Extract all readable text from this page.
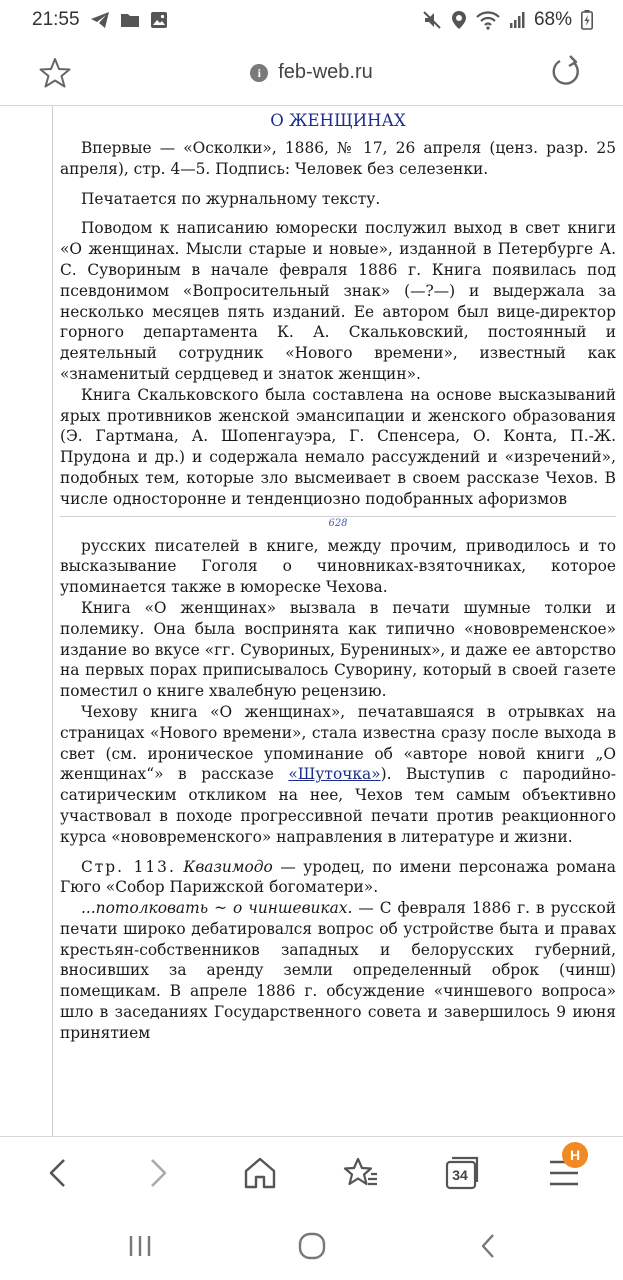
21:55	68%
i feb-web.ru
О ЖЕНЩИНАХ

Впервые — «Осколки», 1886, № 17, 26 апреля (ценз. разр. 25 апреля), стр. 4—5. Подпись: Человек без селезенки.

Печатается по журнальному тексту.

Поводом к написанию юморески послужил выход в свет книги «О женщинах. Мысли старые и новые», изданной в Петербурге А. С. Сувориным в начале февраля 1886 г. Книга появилась под псевдонимом «Вопросительный знак» (—?—) и выдержала за несколько месяцев пять изданий. Ее автором был вице-директор горного департамента К. А. Скальковский, постоянный и деятельный сотрудник «Нового времени», известный как «знаменитый сердцевед и знаток женщин».

Книга Скальковского была составлена на основе высказываний ярых противников женской эмансипации и женского образования (Э. Гартмана, А. Шопенгауэра, Г. Спенсера, О. Конта, П.-Ж. Прудона и др.) и содержала немало рассуждений и «изречений», подобных тем, которые зло высмеивает в своем рассказе Чехов. В числе односторонне и тенденциозно подобранных афоризмов

628

русских писателей в книге, между прочим, приводилось и то высказывание Гоголя о чиновниках-взяточниках, которое упоминается также в юмореске Чехова.

Книга «О женщинах» вызвала в печати шумные толки и полемику. Она была воспринята как типично «нововременское» издание во вкусе «гг. Сувориных, Бурениных», и даже ее авторство на первых порах приписывалось Суворину, который в своей газете поместил о книге хвалебную рецензию.

Чехову книга «О женщинах», печатавшаяся в отрывках на страницах «Нового времени», стала известна сразу после выхода в свет (см. ироническое упоминание об «авторе новой книги „О женщинах“» в рассказе «Шуточка»). Выступив с пародийно-сатирическим откликом на нее, Чехов тем самым объективно участвовал в походе прогрессивной печати против реакционного курса «нововременского» направления в литературе и жизни.

Стр. 113. Квазимодо — уродец, по имени персонажа романа Гюго «Собор Парижской богоматери».

...потолковать ~ о чиншевиках. — С февраля 1886 г. в русской печати широко дебатировался вопрос об устройстве быта и правах крестьян-собственников западных и белорусских губерний, вносивших за аренду земли определенный оброк (чинш) помещикам. В апреле 1886 г. обсуждение «чиншевого вопроса» шло в заседаниях Государственного совета и завершилось 9 июня принятием

34
Н
